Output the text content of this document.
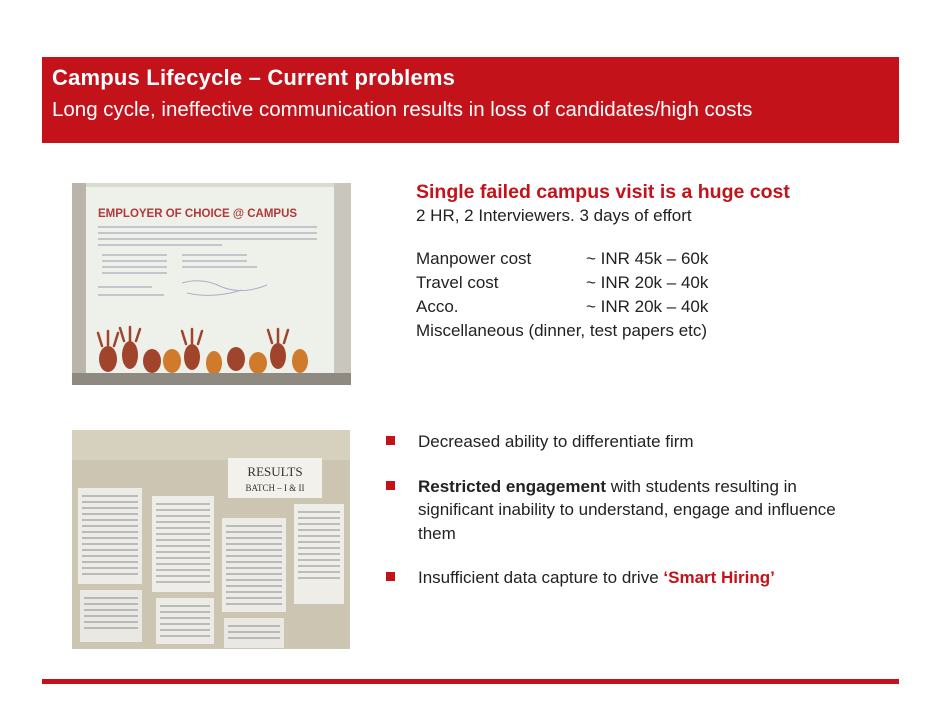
Campus Lifecycle – Current problems
Long cycle, ineffective communication results in loss of candidates/high costs
EMPLOYER OF CHOICE @ CAMPUS
RESULTS
BATCH – I & II
Single failed campus visit is a huge cost
2 HR, 2 Interviewers. 3 days of effort
Manpower cost	~ INR 45k – 60k
Travel cost	~ INR 20k – 40k
Acco.	~ INR 20k – 40k
Miscellaneous (dinner, test papers etc)
Decreased ability to differentiate firm
Restricted engagement with students resulting in significant inability to understand, engage and influence them
Insufficient data capture to drive ‘Smart Hiring’
